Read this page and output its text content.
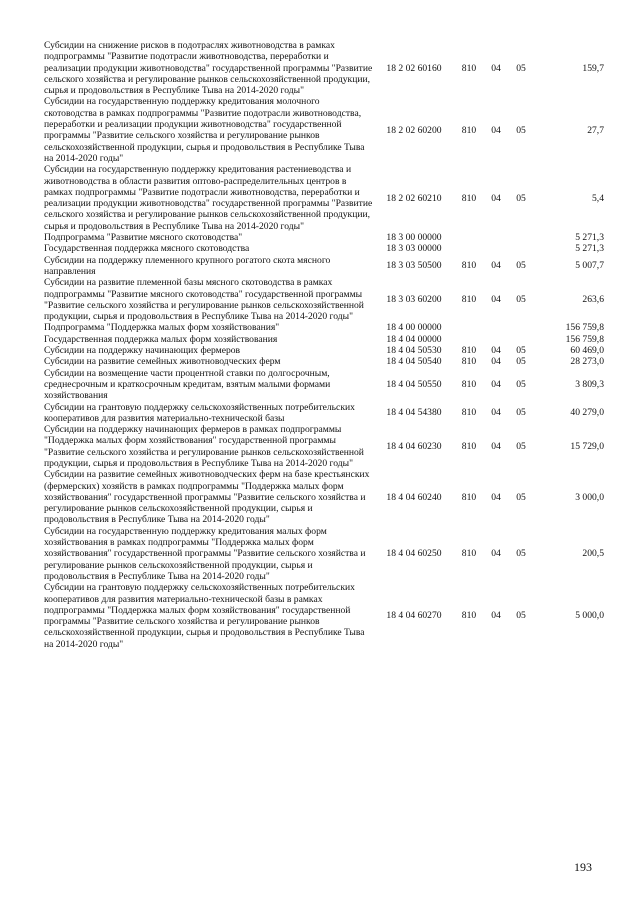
Субсидии на снижение рисков в подотраслях животноводства в рамках подпрограммы "Развитие подотрасли животноводства, переработки и реализации продукции животноводства" государственной программы "Развитие сельского хозяйства и регулирование рынков сельскохозяйственной продукции, сырья и продовольствия в Республике Тыва на 2014-2020 годы"	18 2 02 60160	810	04	05	159,7
Субсидии на государственную поддержку кредитования молочного скотоводства в рамках подпрограммы "Развитие подотрасли животноводства, переработки и реализации продукции животноводства" государственной программы "Развитие сельского хозяйства и регулирование рынков сельскохозяйственной продукции, сырья и продовольствия в Республике Тыва на 2014-2020 годы"	18 2 02 60200	810	04	05	27,7
Субсидии на государственную поддержку кредитования растениеводства и животноводства в области развития оптово-распределительных центров в рамках подпрограммы "Развитие подотрасли животноводства, переработки и реализации продукции животноводства" государственной программы "Развитие сельского хозяйства и регулирование рынков сельскохозяйственной продукции, сырья и продовольствия в Республике Тыва на 2014-2020 годы"	18 2 02 60210	810	04	05	5,4
Подпрограмма "Развитие мясного скотоводства"	18 3 00 00000				5 271,3
Государственная поддержка мясного скотоводства	18 3 03 00000				5 271,3
Субсидии на поддержку племенного крупного рогатого скота мясного направления	18 3 03 50500	810	04	05	5 007,7
Субсидии на развитие племенной базы мясного скотоводства в рамках подпрограммы "Развитие мясного скотоводства" государственной программы "Развитие сельского хозяйства и регулирование рынков сельскохозяйственной продукции, сырья и продовольствия в Республике Тыва на 2014-2020 годы"	18 3 03 60200	810	04	05	263,6
Подпрограмма "Поддержка малых форм хозяйствования"	18 4 00 00000				156 759,8
Государственная поддержка малых форм хозяйствования	18 4 04 00000				156 759,8
Субсидии на поддержку начинающих фермеров	18 4 04 50530	810	04	05	60 469,0
Субсидии на развитие семейных животноводческих ферм	18 4 04 50540	810	04	05	28 273,0
Субсидии на возмещение части процентной ставки по долгосрочным, среднесрочным и краткосрочным кредитам, взятым малыми формами хозяйствования	18 4 04 50550	810	04	05	3 809,3
Субсидии на грантовую поддержку сельскохозяйственных потребительских кооперативов для развития материально-технической базы	18 4 04 54380	810	04	05	40 279,0
Субсидии на поддержку начинающих фермеров в рамках подпрограммы "Поддержка малых форм хозяйствования" государственной программы "Развитие сельского хозяйства и регулирование рынков сельскохозяйственной продукции, сырья и продовольствия в Республике Тыва на 2014-2020 годы"	18 4 04 60230	810	04	05	15 729,0
Субсидии на развитие семейных животноводческих ферм на базе крестьянских (фермерских) хозяйств в рамках подпрограммы "Поддержка малых форм хозяйствования" государственной программы "Развитие сельского хозяйства и регулирование рынков сельскохозяйственной продукции, сырья и продовольствия в Республике Тыва на 2014-2020 годы"	18 4 04 60240	810	04	05	3 000,0
Субсидии на государственную поддержку кредитования малых форм хозяйствования в рамках подпрограммы "Поддержка малых форм хозяйствования" государственной программы "Развитие сельского хозяйства и регулирование рынков сельскохозяйственной продукции, сырья и продовольствия в Республике Тыва на 2014-2020 годы"	18 4 04 60250	810	04	05	200,5
Субсидии на грантовую поддержку сельскохозяйственных потребительских кооперативов для развития материально-технической базы в рамках подпрограммы "Поддержка малых форм хозяйствования" государственной программы "Развитие сельского хозяйства и регулирование рынков сельскохозяйственной продукции, сырья и продовольствия в Республике Тыва на 2014-2020 годы"	18 4 04 60270	810	04	05	5 000,0
193
